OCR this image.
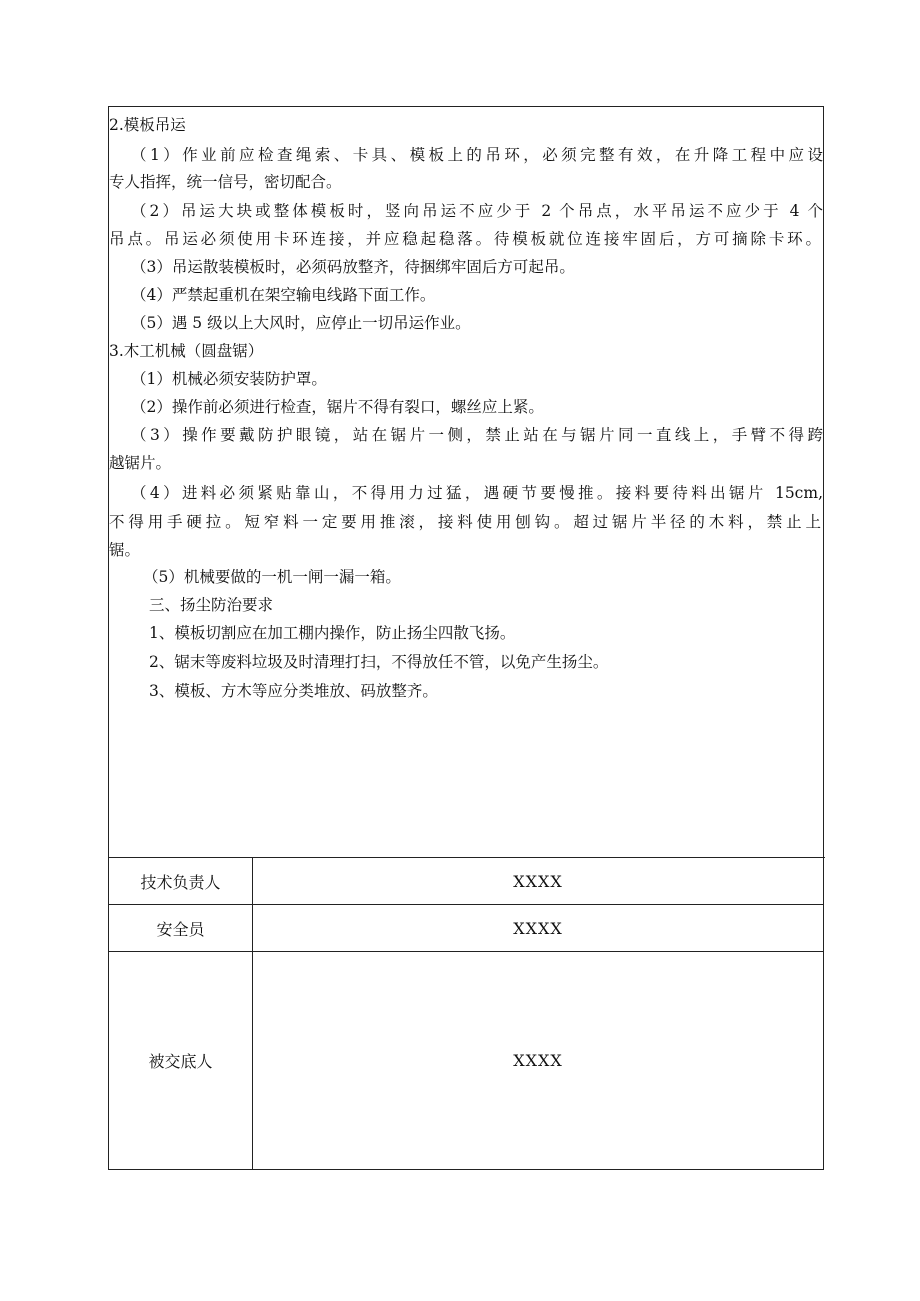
2.模板吊运
（1）作业前应检查绳索、卡具、模板上的吊环，必须完整有效，在升降工程中应设
专人指挥，统一信号，密切配合。
（2）吊运大块或整体模板时，竖向吊运不应少于 2 个吊点，水平吊运不应少于 4 个
吊点。吊运必须使用卡环连接，并应稳起稳落。待模板就位连接牢固后，方可摘除卡环。
（3）吊运散装模板时，必须码放整齐，待捆绑牢固后方可起吊。
（4）严禁起重机在架空输电线路下面工作。
（5）遇 5 级以上大风时，应停止一切吊运作业。
3.木工机械（圆盘锯）
（1）机械必须安装防护罩。
（2）操作前必须进行检查，锯片不得有裂口，螺丝应上紧。
（3）操作要戴防护眼镜，站在锯片一侧，禁止站在与锯片同一直线上，手臂不得跨
越锯片。
（4）进料必须紧贴靠山，不得用力过猛，遇硬节要慢推。接料要待料出锯片 15cm,
不得用手硬拉。短窄料一定要用推滚，接料使用刨钩。超过锯片半径的木料，禁止上
锯。
（5）机械要做的一机一闸一漏一箱。
三、扬尘防治要求
1、模板切割应在加工棚内操作，防止扬尘四散飞扬。
2、锯末等废料垃圾及时清理打扫，不得放任不管，以免产生扬尘。
3、模板、方木等应分类堆放、码放整齐。
技术负责人	XXXX
安全员	XXXX
被交底人	XXXX
